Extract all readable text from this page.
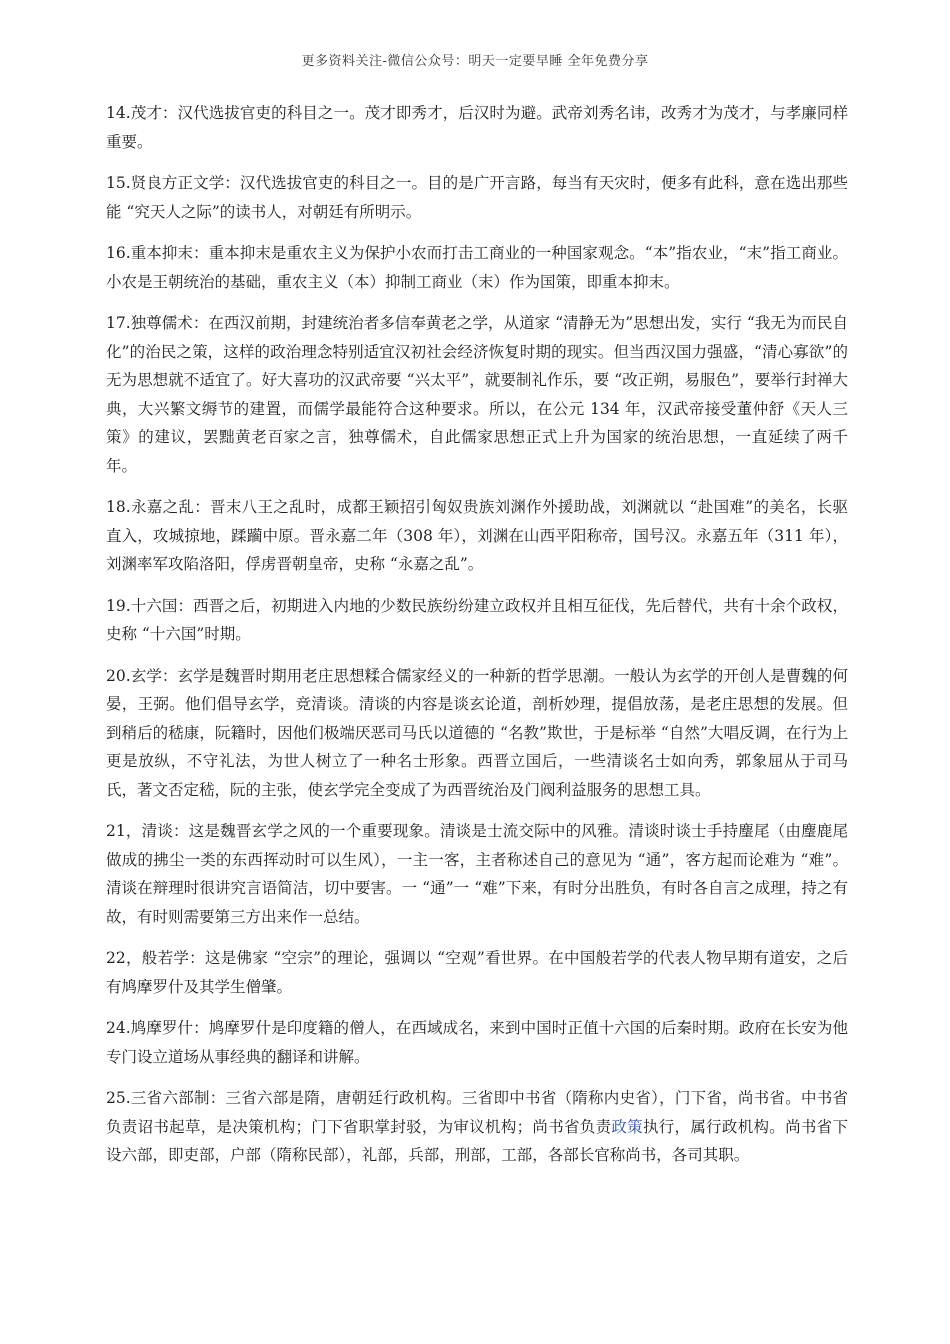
更多资料关注-微信公众号：明天一定要早睡 全年免费分享

14.茂才：汉代选拔官吏的科目之一。茂才即秀才，后汉时为避。武帝刘秀名讳，改秀才为茂才，与孝廉同样重要。

15.贤良方正文学：汉代选拔官吏的科目之一。目的是广开言路，每当有天灾时，便多有此科，意在选出那些能 “究天人之际”的读书人，对朝廷有所明示。

16.重本抑末：重本抑末是重农主义为保护小农而打击工商业的一种国家观念。“本”指农业，“末”指工商业。小农是王朝统治的基础，重农主义（本）抑制工商业（末）作为国策，即重本抑末。

17.独尊儒术：在西汉前期，封建统治者多信奉黄老之学，从道家 “清静无为”思想出发，实行 “我无为而民自化”的治民之策，这样的政治理念特别适宜汉初社会经济恢复时期的现实。但当西汉国力强盛，“清心寡欲”的无为思想就不适宜了。好大喜功的汉武帝要 “兴太平”，就要制礼作乐，要 “改正朔，易服色”，要举行封禅大典，大兴繁文缛节的建置，而儒学最能符合这种要求。所以，在公元 134 年，汉武帝接受董仲舒《天人三策》的建议，罢黜黄老百家之言，独尊儒术，自此儒家思想正式上升为国家的统治思想，一直延续了两千年。

18.永嘉之乱：晋末八王之乱时，成都王颖招引匈奴贵族刘渊作外援助战，刘渊就以 “赴国难”的美名，长驱直入，攻城掠地，蹂躏中原。晋永嘉二年（308 年），刘渊在山西平阳称帝，国号汉。永嘉五年（311 年），刘渊率军攻陷洛阳，俘虏晋朝皇帝，史称 “永嘉之乱”。

19.十六国：西晋之后，初期进入内地的少数民族纷纷建立政权并且相互征伐，先后替代，共有十余个政权，史称 “十六国”时期。

20.玄学：玄学是魏晋时期用老庄思想糅合儒家经义的一种新的哲学思潮。一般认为玄学的开创人是曹魏的何晏，王弼。他们倡导玄学，竞清谈。清谈的内容是谈玄论道，剖析妙理，提倡放荡，是老庄思想的发展。但到稍后的嵇康，阮籍时，因他们极端厌恶司马氏以道德的 “名教”欺世，于是标举 “自然”大唱反调，在行为上更是放纵，不守礼法，为世人树立了一种名士形象。西晋立国后，一些清谈名士如向秀，郭象屈从于司马氏，著文否定嵇，阮的主张，使玄学完全变成了为西晋统治及门阀利益服务的思想工具。

21，清谈：这是魏晋玄学之风的一个重要现象。清谈是士流交际中的风雅。清谈时谈士手持麈尾（由麈鹿尾做成的拂尘一类的东西挥动时可以生风），一主一客，主者称述自己的意见为 “通”，客方起而论难为 “难”。清谈在辩理时很讲究言语简洁，切中要害。一 “通”一 “难”下来，有时分出胜负，有时各自言之成理，持之有故，有时则需要第三方出来作一总结。

22，般若学：这是佛家 “空宗”的理论，强调以 “空观”看世界。在中国般若学的代表人物早期有道安，之后有鸠摩罗什及其学生僧肇。

24.鸠摩罗什：鸠摩罗什是印度籍的僧人，在西域成名，来到中国时正值十六国的后秦时期。政府在长安为他专门设立道场从事经典的翻译和讲解。

25.三省六部制：三省六部是隋，唐朝廷行政机构。三省即中书省（隋称内史省），门下省，尚书省。中书省负责诏书起草，是决策机构；门下省职掌封驳，为审议机构；尚书省负责政策执行，属行政机构。尚书省下设六部，即吏部，户部（隋称民部），礼部，兵部，刑部，工部，各部长官称尚书，各司其职。
